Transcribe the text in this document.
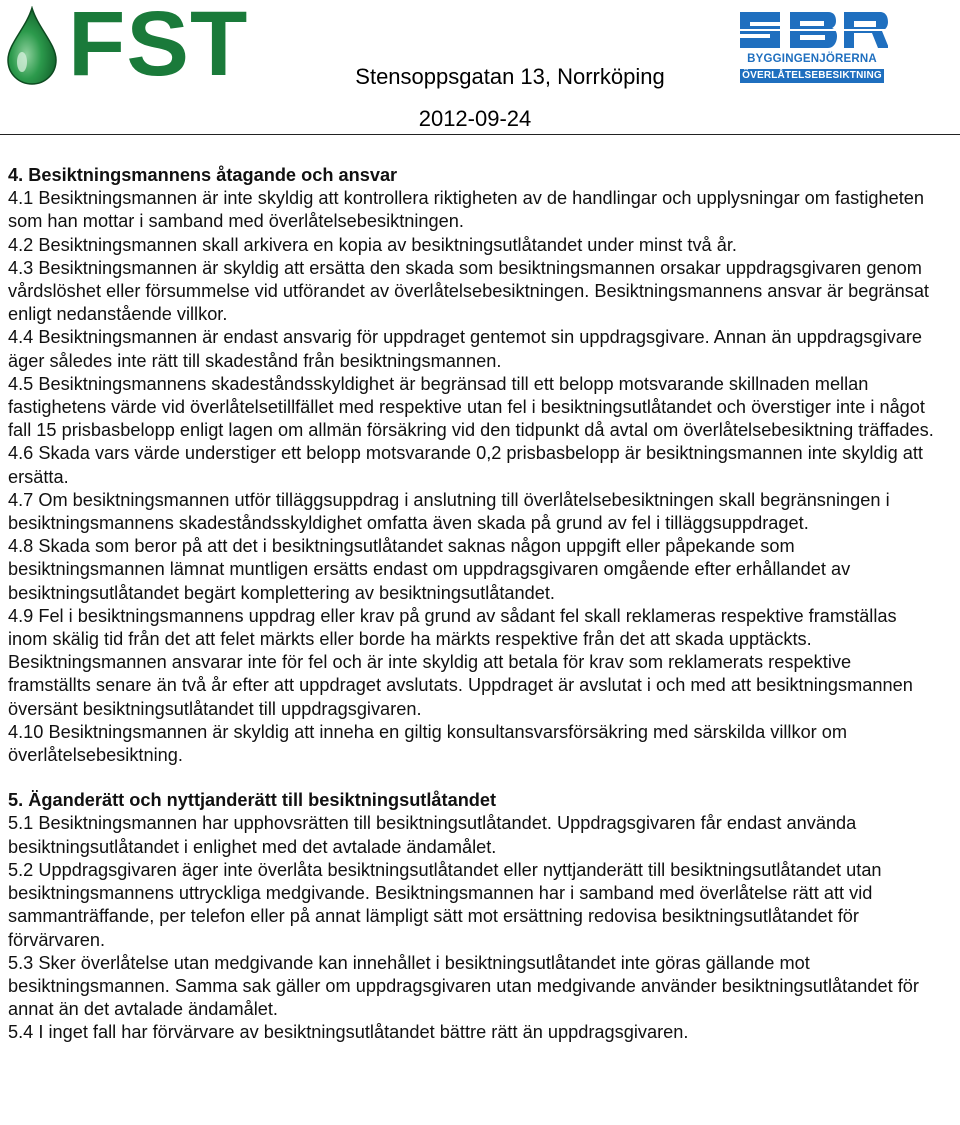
FST	BYGGINGENJÖRERNA
ÖVERLÅTELSEBESIKTNING
Stensoppsgatan 13, Norrköping
2012-09-24
4. Besiktningsmannens åtagande och ansvar

4.1 Besiktningsmannen är inte skyldig att kontrollera riktigheten av de handlingar och upplysningar om fastigheten som han mottar i samband med överlåtelsebesiktningen.

4.2 Besiktningsmannen skall arkivera en kopia av besiktningsutlåtandet under minst två år.

4.3 Besiktningsmannen är skyldig att ersätta den skada som besiktningsmannen orsakar uppdragsgivaren genom vårdslöshet eller försummelse vid utförandet av överlåtelsebesiktningen. Besiktningsmannens ansvar är begränsat enligt nedanstående villkor.

4.4 Besiktningsmannen är endast ansvarig för uppdraget gentemot sin uppdragsgivare. Annan än uppdragsgivare äger således inte rätt till skadestånd från besiktningsmannen.

4.5 Besiktningsmannens skadeståndsskyldighet är begränsad till ett belopp motsvarande skillnaden mellan fastighetens värde vid överlåtelsetillfället med respektive utan fel i besiktningsutlåtandet och överstiger inte i något fall 15 prisbasbelopp enligt lagen om allmän försäkring vid den tidpunkt då avtal om överlåtelsebesiktning träffades.

4.6 Skada vars värde understiger ett belopp motsvarande 0,2 prisbasbelopp är besiktningsmannen inte skyldig att ersätta.

4.7 Om besiktningsmannen utför tilläggsuppdrag i anslutning till överlåtelsebesiktningen skall begränsningen i besiktningsmannens skadeståndsskyldighet omfatta även skada på grund av fel i tilläggsuppdraget.

4.8 Skada som beror på att det i besiktningsutlåtandet saknas någon uppgift eller påpekande som besiktningsmannen lämnat muntligen ersätts endast om uppdragsgivaren omgående efter erhållandet av besiktningsutlåtandet begärt komplettering av besiktningsutlåtandet.

4.9 Fel i besiktningsmannens uppdrag eller krav på grund av sådant fel skall reklameras respektive framställas inom skälig tid från det att felet märkts eller borde ha märkts respektive från det att skada upptäckts. Besiktningsmannen ansvarar inte för fel och är inte skyldig att betala för krav som reklamerats respektive framställts senare än två år efter att uppdraget avslutats. Uppdraget är avslutat i och med att besiktningsmannen översänt besiktningsutlåtandet till uppdragsgivaren.

4.10 Besiktningsmannen är skyldig att inneha en giltig konsultansvarsförsäkring med särskilda villkor om överlåtelsebesiktning.

5. Äganderätt och nyttjanderätt till besiktningsutlåtandet

5.1 Besiktningsmannen har upphovsrätten till besiktningsutlåtandet. Uppdragsgivaren får endast använda besiktningsutlåtandet i enlighet med det avtalade ändamålet.

5.2 Uppdragsgivaren äger inte överlåta besiktningsutlåtandet eller nyttjanderätt till besiktningsutlåtandet utan besiktningsmannens uttryckliga medgivande. Besiktningsmannen har i samband med överlåtelse rätt att vid sammanträffande, per telefon eller på annat lämpligt sätt mot ersättning redovisa besiktningsutlåtandet för förvärvaren.

5.3 Sker överlåtelse utan medgivande kan innehållet i besiktningsutlåtandet inte göras gällande mot besiktningsmannen. Samma sak gäller om uppdragsgivaren utan medgivande använder besiktningsutlåtandet för annat än det avtalade ändamålet.

5.4 I inget fall har förvärvare av besiktningsutlåtandet bättre rätt än uppdragsgivaren.
